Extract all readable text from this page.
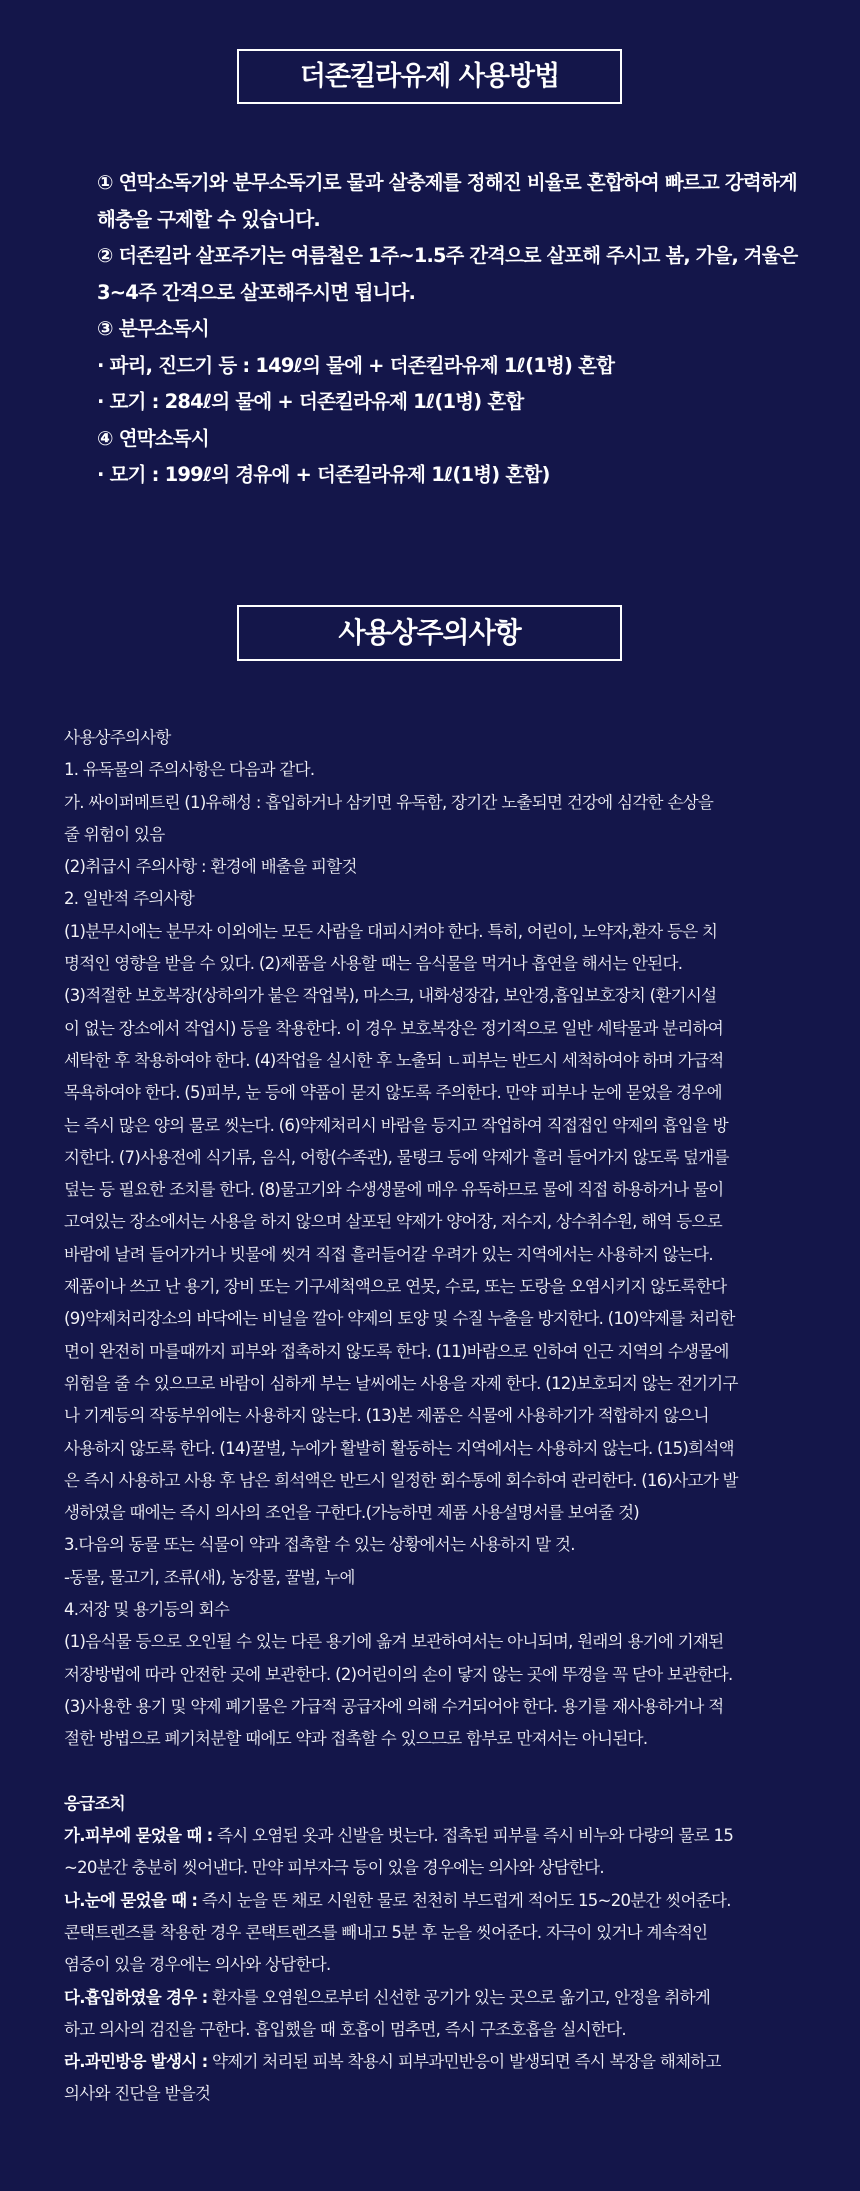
더존킬라유제 사용방법
① 연막소독기와 분무소독기로 물과 살충제를 정해진 비율로 혼합하여 빠르고 강력하게
해충을 구제할 수 있습니다.
② 더존킬라 살포주기는 여름철은 1주~1.5주 간격으로 살포해 주시고 봄, 가을, 겨울은
3~4주 간격으로 살포해주시면 됩니다.
③ 분무소독시
· 파리, 진드기 등 : 149ℓ의 물에 + 더존킬라유제 1ℓ(1병) 혼합
· 모기 : 284ℓ의 물에 + 더존킬라유제 1ℓ(1병) 혼합
④ 연막소독시
· 모기 : 199ℓ의 경유에 + 더존킬라유제 1ℓ(1병) 혼합)
사용상주의사항
사용상주의사항
1. 유독물의 주의사항은 다음과 같다.
가. 싸이퍼메트린 (1)유해성 : 흡입하거나 삼키면 유독함, 장기간 노출되면 건강에 심각한 손상을
줄 위험이 있음
(2)취급시 주의사항 : 환경에 배출을 피할것
2. 일반적 주의사항
(1)분무시에는 분무자 이외에는 모든 사람을 대피시켜야 한다. 특히, 어린이, 노약자,환자 등은 치
명적인 영향을 받을 수 있다. (2)제품을 사용할 때는 음식물을 먹거나 흡연을 해서는 안된다.
(3)적절한 보호복장(상하의가 붙은 작업복), 마스크, 내화성장갑, 보안경,흡입보호장치 (환기시설
이 없는 장소에서 작업시) 등을 착용한다. 이 경우 보호복장은 정기적으로 일반 세탁물과 분리하여
세탁한 후 착용하여야 한다. (4)작업을 실시한 후 노출되 ㄴ피부는 반드시 세척하여야 하며 가급적
목욕하여야 한다. (5)피부, 눈 등에 약품이 묻지 않도록 주의한다. 만약 피부나 눈에 묻었을 경우에
는 즉시 많은 양의 물로 씻는다. (6)약제처리시 바람을 등지고 작업하여 직접접인 약제의 흡입을 방
지한다. (7)사용전에 식기류, 음식, 어항(수족관), 물탱크 등에 약제가 흘러 들어가지 않도록 덮개를
덮는 등 필요한 조치를 한다. (8)물고기와 수생생물에 매우 유독하므로 물에 직접 하용하거나 물이
고여있는 장소에서는 사용을 하지 않으며 살포된 약제가 양어장, 저수지, 상수취수원, 해역 등으로
바람에 날려 들어가거나 빗물에 씻겨 직접 흘러들어갈 우려가 있는 지역에서는 사용하지 않는다.
제품이나 쓰고 난 용기, 장비 또는 기구세척액으로 연못, 수로, 또는 도랑을 오염시키지 않도록한다
(9)약제처리장소의 바닥에는 비닐을 깔아 약제의 토양 및 수질 누출을 방지한다. (10)약제를 처리한
면이 완전히 마를때까지 피부와 접촉하지 않도록 한다. (11)바람으로 인하여 인근 지역의 수생물에
위험을 줄 수 있으므로 바람이 심하게 부는 날씨에는 사용을 자제 한다. (12)보호되지 않는 전기기구
나 기계등의 작동부위에는 사용하지 않는다. (13)본 제품은 식물에 사용하기가 적합하지 않으니
사용하지 않도록 한다. (14)꿀벌, 누에가 활발히 활동하는 지역에서는 사용하지 않는다. (15)희석액
은 즉시 사용하고 사용 후 남은 희석액은 반드시 일정한 회수통에 회수하여 관리한다. (16)사고가 발
생하였을 때에는 즉시 의사의 조언을 구한다.(가능하면 제품 사용설명서를 보여줄 것)
3.다음의 동물 또는 식물이 약과 접촉할 수 있는 상황에서는 사용하지 말 것.
-동물, 물고기, 조류(새), 농장물, 꿀벌, 누에
4.저장 및 용기등의 회수
(1)음식물 등으로 오인될 수 있는 다른 용기에 옮겨 보관하여서는 아니되며, 원래의 용기에 기재된
저장방법에 따라 안전한 곳에 보관한다. (2)어린이의 손이 닿지 않는 곳에 뚜껑을 꼭 닫아 보관한다.
(3)사용한 용기 및 약제 폐기물은 가급적 공급자에 의해 수거되어야 한다. 용기를 재사용하거나 적
절한 방법으로 폐기처분할 때에도 약과 접촉할 수 있으므로 함부로 만져서는 아니된다.
응급조치
가.피부에 묻었을 때 : 즉시 오염된 옷과 신발을 벗는다. 접촉된 피부를 즉시 비누와 다량의 물로 15
~20분간 충분히 씻어낸다. 만약 피부자극 등이 있을 경우에는 의사와 상담한다.
나.눈에 묻었을 때 : 즉시 눈을 뜬 채로 시원한 물로 천천히 부드럽게 적어도 15~20분간 씻어준다.
콘택트렌즈를 착용한 경우 콘택트렌즈를 빼내고 5분 후 눈을 씻어준다. 자극이 있거나 계속적인
염증이 있을 경우에는 의사와 상담한다.
다.흡입하였을 경우 : 환자를 오염원으로부터 신선한 공기가 있는 곳으로 옮기고, 안정을 취하게
하고 의사의 검진을 구한다. 흡입했을 때 호흡이 멈추면, 즉시 구조호흡을 실시한다.
라.과민방응 발생시 : 약제기 처리된 피복 착용시 피부과민반응이 발생되면 즉시 복장을 해체하고
의사와 진단을 받을것
